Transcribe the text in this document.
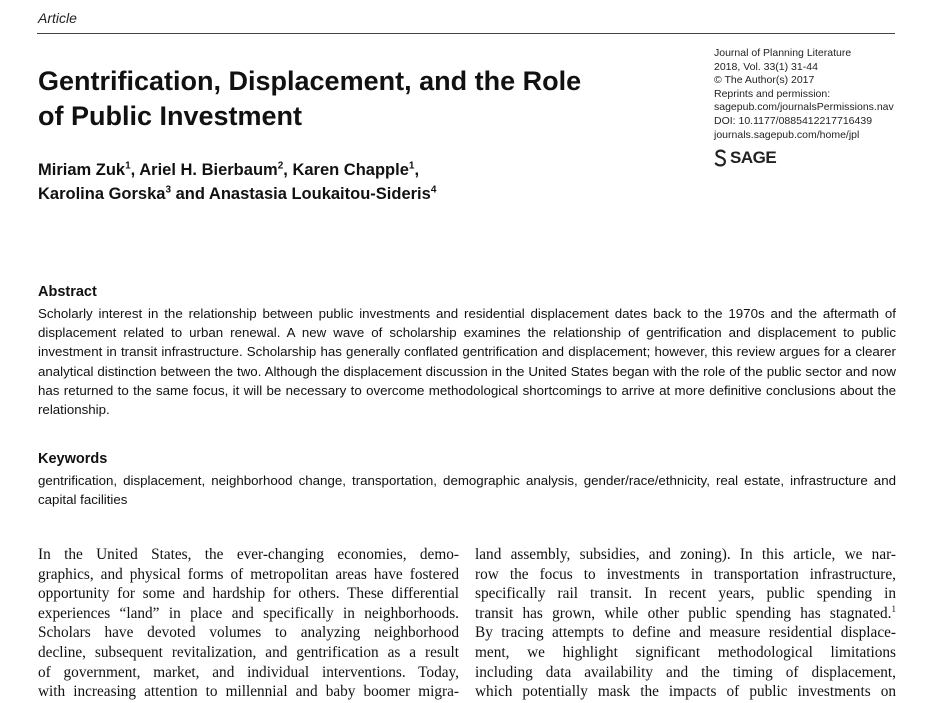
Article
Gentrification, Displacement, and the Role
of Public Investment
Miriam Zuk$^1$, Ariel H. Bierbaum$^2$, Karen Chapple$^1$,
Karolina Gorska$^3$ and Anastasia Loukaitou-Sideris$^4$
Journal of Planning Literature
2018, Vol. 33(1) 31-44
© The Author(s) 2017
Reprints and permission:
sagepub.com/journalsPermissions.nav
DOI: 10.1177/0885412217716439
journals.sagepub.com/home/jpl
SAGE
Abstract
Scholarly interest in the relationship between public investments and residential displacement dates back to the 1970s and the aftermath of displacement related to urban renewal. A new wave of scholarship examines the relationship of gentrification and displacement to public investment in transit infrastructure. Scholarship has generally conflated gentrification and displacement; however, this review argues for a clearer analytical distinction between the two. Although the displacement discussion in the United States began with the role of the public sector and now has returned to the same focus, it will be necessary to overcome methodological shortcomings to arrive at more definitive conclusions about the relationship.
Keywords
gentrification, displacement, neighborhood change, transportation, demographic analysis, gender/race/ethnicity, real estate, infrastructure and capital facilities
In the United States, the ever-changing economies, demo-
graphics, and physical forms of metropolitan areas have fostered
opportunity for some and hardship for others. These differential
experiences “land” in place and specifically in neighborhoods.
Scholars have devoted volumes to analyzing neighborhood
decline, subsequent revitalization, and gentrification as a result
of government, market, and individual interventions. Today,
with increasing attention to millennial and baby boomer migra-
land assembly, subsidies, and zoning). In this article, we nar-
row the focus to investments in transportation infrastructure,
specifically rail transit. In recent years, public spending in
transit has grown, while other public spending has stagnated.$^1$
By tracing attempts to define and measure residential displace-
ment, we highlight significant methodological limitations
including data availability and the timing of displacement,
which potentially mask the impacts of public investments on
